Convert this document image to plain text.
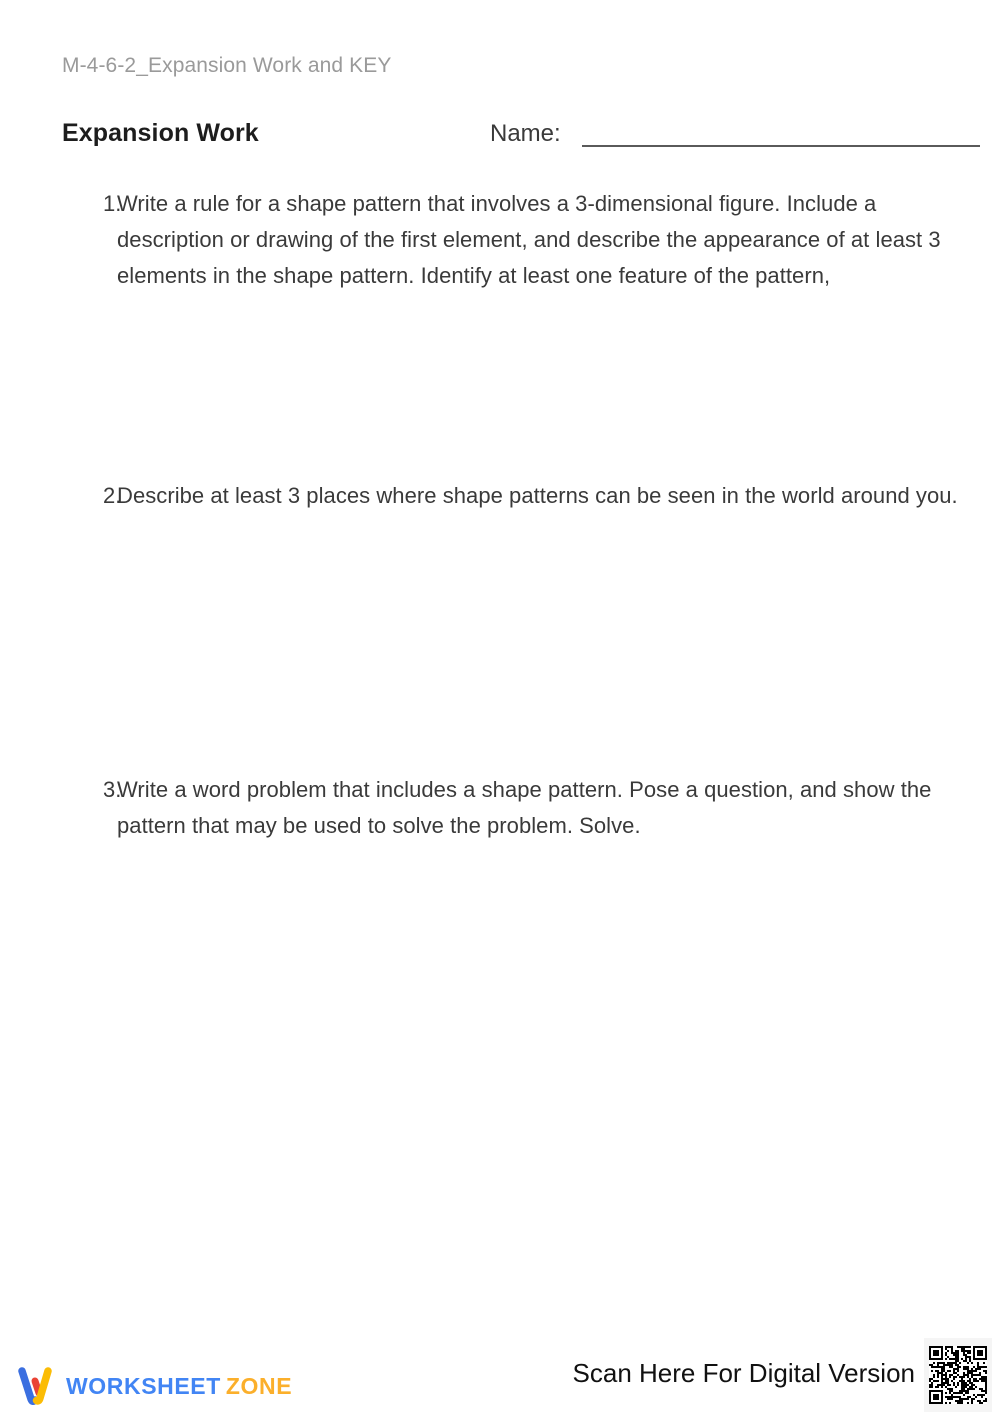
M-4-6-2_Expansion Work and KEY
Expansion Work	Name:
1.
Write a rule for a shape pattern that involves a 3-dimensional figure. Include a description or drawing of the first element, and describe the appearance of at least 3 elements in the shape pattern. Identify at least one feature of the pattern,
2.
Describe at least 3 places where shape patterns can be seen in the world around you.
3.
Write a word problem that includes a shape pattern. Pose a question, and show the pattern that may be used to solve the problem. Solve.
WORKSHEET ZONE	Scan Here For Digital Version
